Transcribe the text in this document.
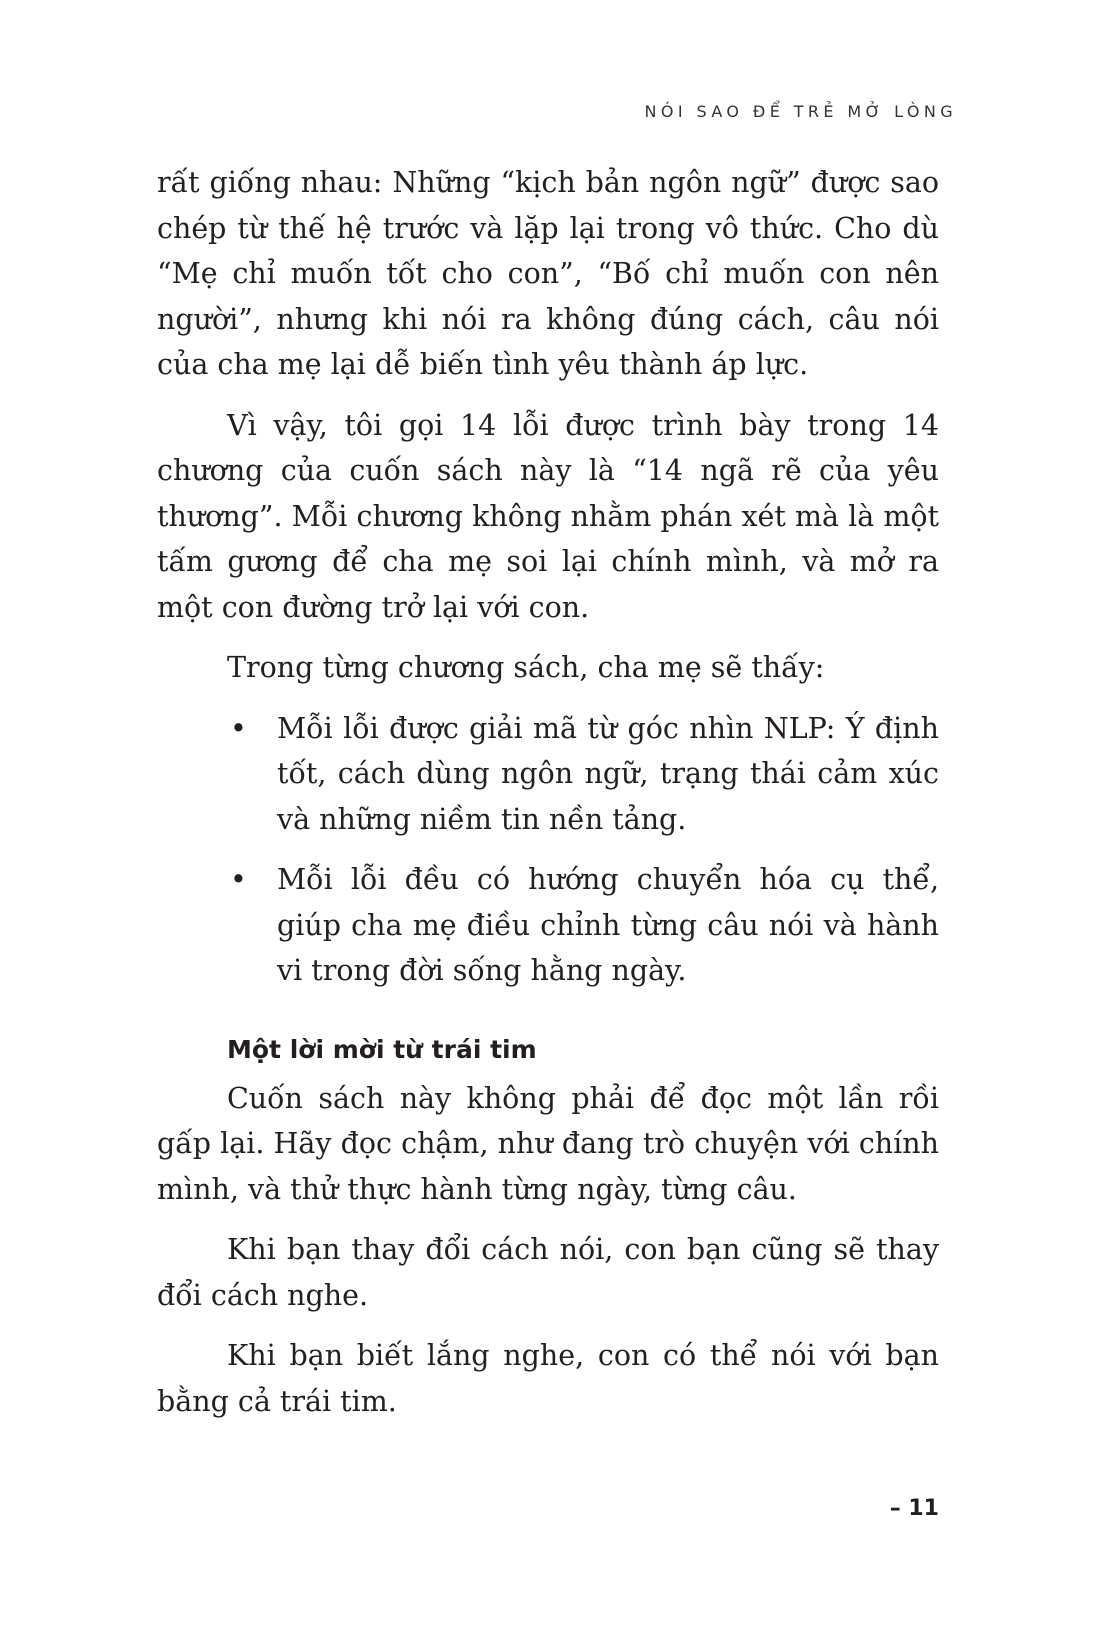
NÓI SAO ĐỂ TRẺ MỞ LÒNG

rất giống nhau: Những “kịch bản ngôn ngữ” được sao chép từ thế hệ trước và lặp lại trong vô thức. Cho dù “Mẹ chỉ muốn tốt cho con”, “Bố chỉ muốn con nên người”, nhưng khi nói ra không đúng cách, câu nói của cha mẹ lại dễ biến tình yêu thành áp lực.

Vì vậy, tôi gọi 14 lỗi được trình bày trong 14 chương của cuốn sách này là “14 ngã rẽ của yêu thương”. Mỗi chương không nhằm phán xét mà là một tấm gương để cha mẹ soi lại chính mình, và mở ra một con đường trở lại với con.

Trong từng chương sách, cha mẹ sẽ thấy:

• Mỗi lỗi được giải mã từ góc nhìn NLP: Ý định tốt, cách dùng ngôn ngữ, trạng thái cảm xúc và những niềm tin nền tảng.
• Mỗi lỗi đều có hướng chuyển hóa cụ thể, giúp cha mẹ điều chỉnh từng câu nói và hành vi trong đời sống hằng ngày.
Một lời mời từ trái tim

Cuốn sách này không phải để đọc một lần rồi gấp lại. Hãy đọc chậm, như đang trò chuyện với chính mình, và thử thực hành từng ngày, từng câu.

Khi bạn thay đổi cách nói, con bạn cũng sẽ thay đổi cách nghe.

Khi bạn biết lắng nghe, con có thể nói với bạn bằng cả trái tim.

– 11
